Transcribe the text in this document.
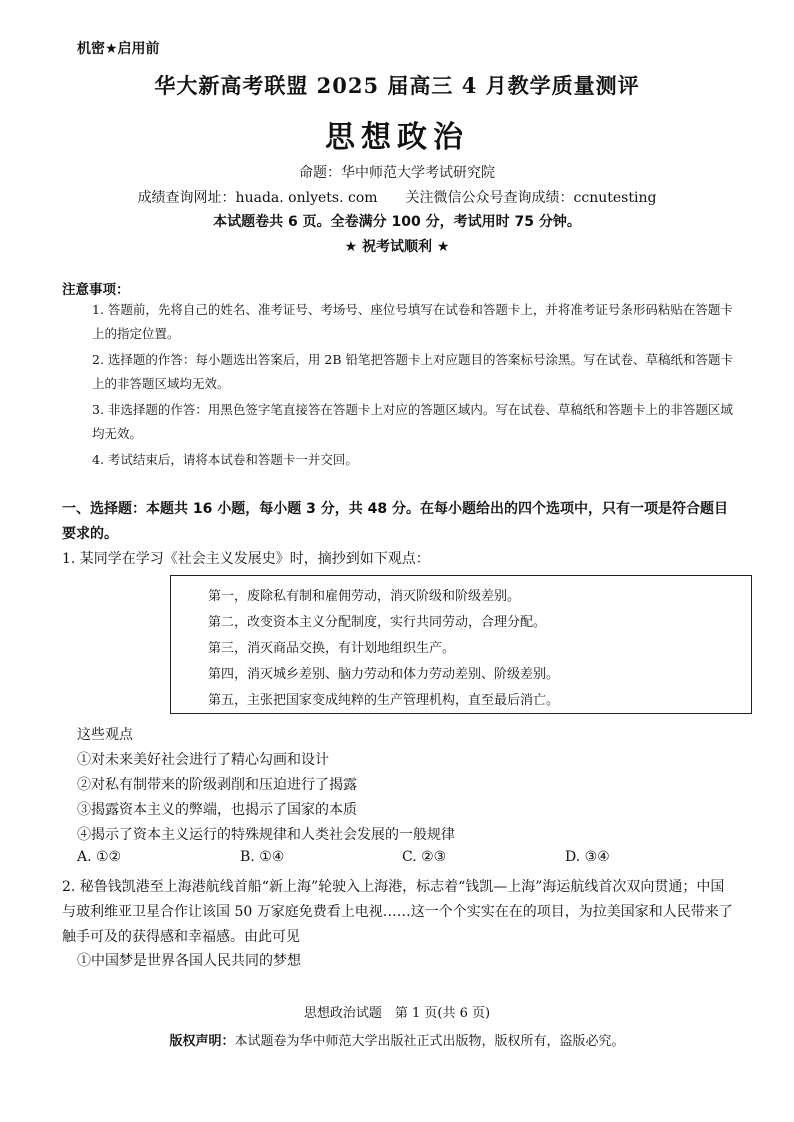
机密★启用前
华大新高考联盟 2025 届高三 4 月教学质量测评
思想政治
命题：华中师范大学考试研究院
成绩查询网址：huada. onlyets. com 关注微信公众号查询成绩：ccnutesting
本试题卷共 6 页。全卷满分 100 分，考试用时 75 分钟。
★ 祝考试顺利 ★
注意事项：
1. 答题前，先将自己的姓名、准考证号、考场号、座位号填写在试卷和答题卡上，并将准考证号条形码粘贴在答题卡上的指定位置。
2. 选择题的作答：每小题选出答案后，用 2B 铅笔把答题卡上对应题目的答案标号涂黑。写在试卷、草稿纸和答题卡上的非答题区域均无效。
3. 非选择题的作答：用黑色签字笔直接答在答题卡上对应的答题区域内。写在试卷、草稿纸和答题卡上的非答题区域均无效。
4. 考试结束后，请将本试卷和答题卡一并交回。
一、选择题：本题共 16 小题，每小题 3 分，共 48 分。在每小题给出的四个选项中，只有一项是符合题目要求的。
1. 某同学在学习《社会主义发展史》时，摘抄到如下观点：
第一，废除私有制和雇佣劳动，消灭阶级和阶级差别。
第二，改变资本主义分配制度，实行共同劳动，合理分配。
第三，消灭商品交换，有计划地组织生产。
第四，消灭城乡差别、脑力劳动和体力劳动差别、阶级差别。
第五，主张把国家变成纯粹的生产管理机构，直至最后消亡。
这些观点
①对未来美好社会进行了精心勾画和设计
②对私有制带来的阶级剥削和压迫进行了揭露
③揭露资本主义的弊端，也揭示了国家的本质
④揭示了资本主义运行的特殊规律和人类社会发展的一般规律
A. ①②	B. ①④	C. ②③	D. ③④
2. 秘鲁钱凯港至上海港航线首船“新上海”轮驶入上海港，标志着“钱凯—上海”海运航线首次双向贯通；中国与玻利维亚卫星合作让该国 50 万家庭免费看上电视……这一个个实实在在的项目，为拉美国家和人民带来了触手可及的获得感和幸福感。由此可见
①中国梦是世界各国人民共同的梦想
思想政治试题　第 1 页(共 6 页)
版权声明：本试题卷为华中师范大学出版社正式出版物，版权所有，盗版必究。
